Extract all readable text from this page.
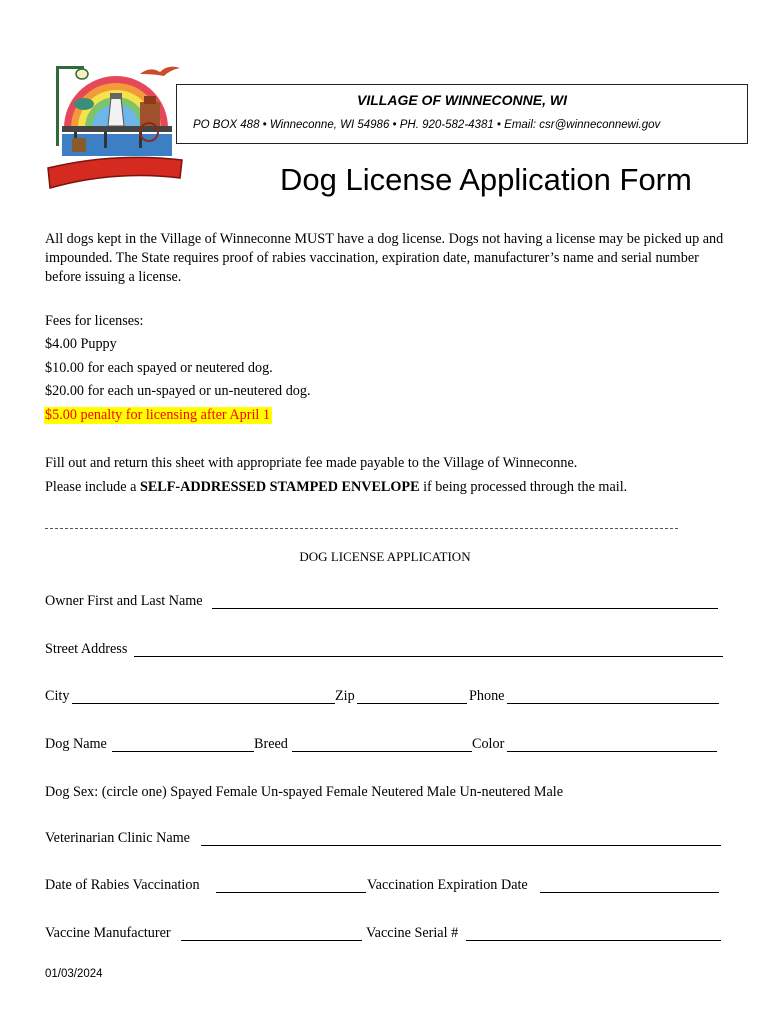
VILLAGE OF WINNECONNE, WI
PO BOX 488 • Winneconne, WI 54986 • PH. 920-582-4381 • Email: csr@winneconnewi.gov
Dog License Application Form
All dogs kept in the Village of Winneconne MUST have a dog license. Dogs not having a license may be picked up and impounded. The State requires proof of rabies vaccination, expiration date, manufacturer’s name and serial number before issuing a license.
Fees for licenses:
$4.00 Puppy
$10.00 for each spayed or neutered dog.
$20.00 for each un-spayed or un-neutered dog.
$5.00 penalty for licensing after April 1
Fill out and return this sheet with appropriate fee made payable to the Village of Winneconne.
Please include a SELF-ADDRESSED STAMPED ENVELOPE if being processed through the mail.
DOG LICENSE APPLICATION
Owner First and Last Name
Street Address
City	Zip	Phone
Dog Name	Breed	Color
Dog Sex: (circle one) Spayed Female Un-spayed Female Neutered Male Un-neutered Male
Veterinarian Clinic Name
Date of Rabies Vaccination	Vaccination Expiration Date
Vaccine Manufacturer	Vaccine Serial #
01/03/2024
